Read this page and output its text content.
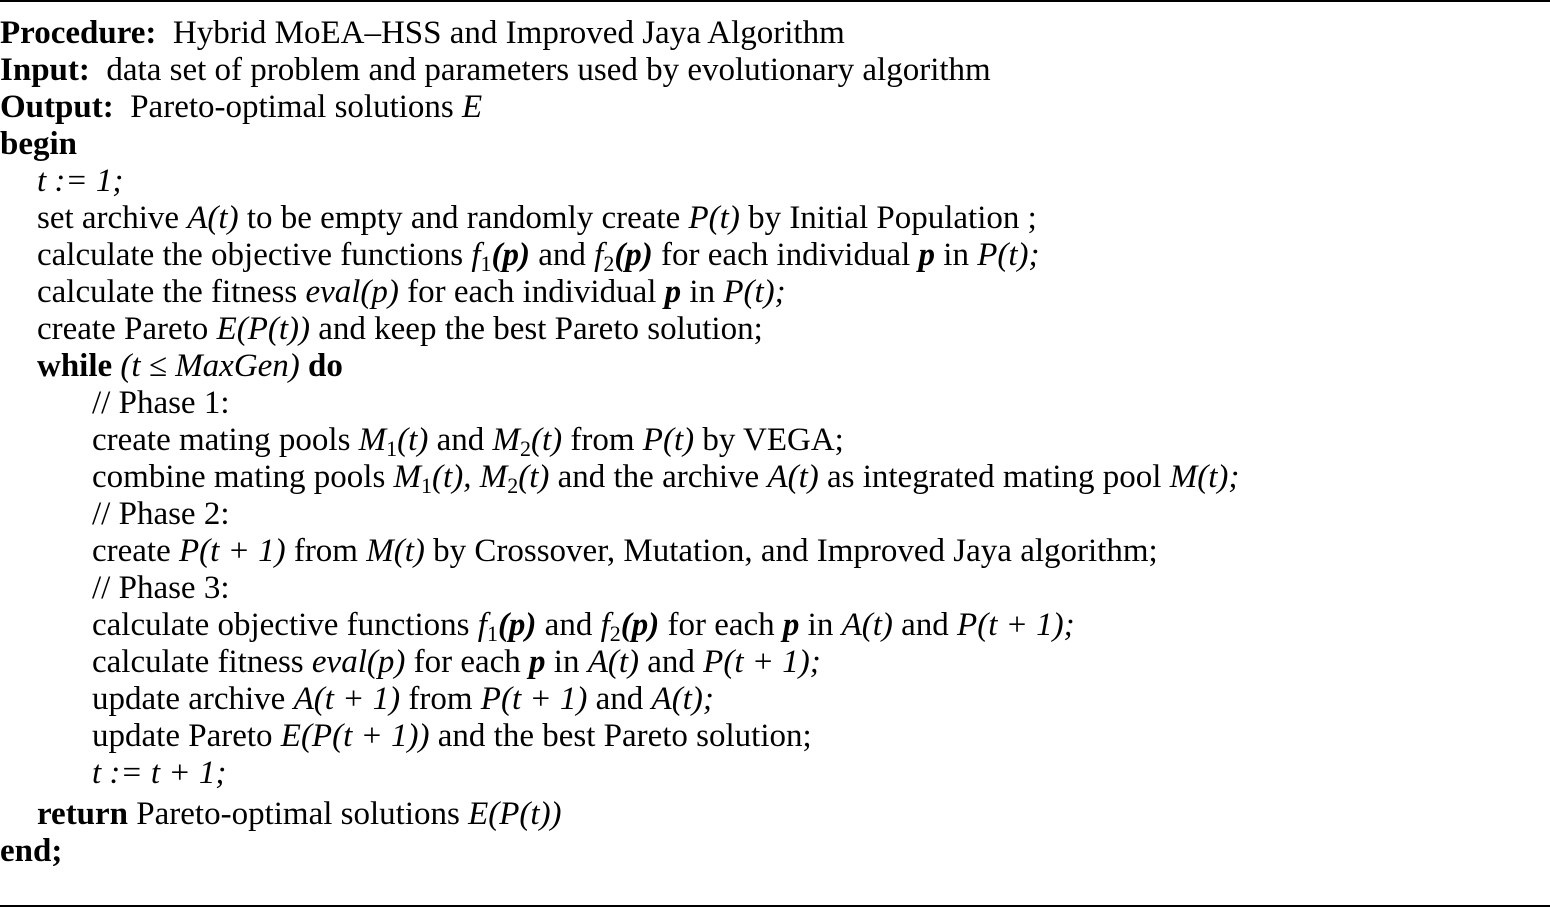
Procedure: Hybrid MoEA–HSS and Improved Jaya Algorithm
Input: data set of problem and parameters used by evolutionary algorithm
Output: Pareto-optimal solutions E
begin
t := 1;
set archive A(t) to be empty and randomly create P(t) by Initial Population ;
calculate the objective functions $f_1(p)$ and $f_2(p)$ for each individual p in P(t);
calculate the fitness eval(p) for each individual p in P(t);
create Pareto E(P(t)) and keep the best Pareto solution;
while (t ≤ MaxGen) do
// Phase 1:
create mating pools $M_1(t)$ and $M_2(t)$ from P(t) by VEGA;
combine mating pools $M_1(t)$, $M_2(t)$ and the archive A(t) as integrated mating pool M(t);
// Phase 2:
create P(t + 1) from M(t) by Crossover, Mutation, and Improved Jaya algorithm;
// Phase 3:
calculate objective functions $f_1(p)$ and $f_2(p)$ for each p in A(t) and P(t + 1);
calculate fitness eval(p) for each p in A(t) and P(t + 1);
update archive A(t + 1) from P(t + 1) and A(t);
update Pareto E(P(t + 1)) and the best Pareto solution;
t := t + 1;
return Pareto-optimal solutions E(P(t))
end;
